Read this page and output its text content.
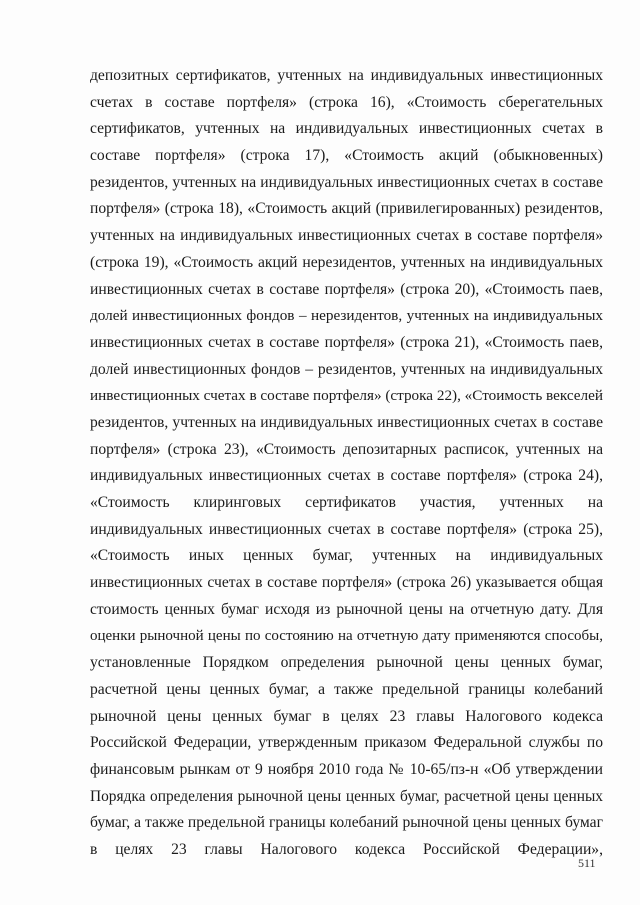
депозитных сертификатов, учтенных на индивидуальных инвестиционных
счетах в составе портфеля» (строка 16), «Стоимость сберегательных
сертификатов, учтенных на индивидуальных инвестиционных счетах в
составе портфеля» (строка 17), «Стоимость акций (обыкновенных)
резидентов, учтенных на индивидуальных инвестиционных счетах в составе
портфеля» (строка 18), «Стоимость акций (привилегированных) резидентов,
учтенных на индивидуальных инвестиционных счетах в составе портфеля»
(строка 19), «Стоимость акций нерезидентов, учтенных на индивидуальных
инвестиционных счетах в составе портфеля» (строка 20), «Стоимость паев,
долей инвестиционных фондов – нерезидентов, учтенных на индивидуальных
инвестиционных счетах в составе портфеля» (строка 21), «Стоимость паев,
долей инвестиционных фондов – резидентов, учтенных на индивидуальных
инвестиционных счетах в составе портфеля» (строка 22), «Стоимость векселей
резидентов, учтенных на индивидуальных инвестиционных счетах в составе
портфеля» (строка 23), «Стоимость депозитарных расписок, учтенных на
индивидуальных инвестиционных счетах в составе портфеля» (строка 24),
«Стоимость клиринговых сертификатов участия, учтенных на
индивидуальных инвестиционных счетах в составе портфеля» (строка 25),
«Стоимость иных ценных бумаг, учтенных на индивидуальных
инвестиционных счетах в составе портфеля» (строка 26) указывается общая
стоимость ценных бумаг исходя из рыночной цены на отчетную дату. Для
оценки рыночной цены по состоянию на отчетную дату применяются способы,
установленные Порядком определения рыночной цены ценных бумаг,
расчетной цены ценных бумаг, а также предельной границы колебаний
рыночной цены ценных бумаг в целях 23 главы Налогового кодекса
Российской Федерации, утвержденным приказом Федеральной службы по
финансовым рынкам от 9 ноября 2010 года № 10-65/пз-н «Об утверждении
Порядка определения рыночной цены ценных бумаг, расчетной цены ценных
бумаг, а также предельной границы колебаний рыночной цены ценных бумаг
в целях 23 главы Налогового кодекса Российской Федерации»,
511
